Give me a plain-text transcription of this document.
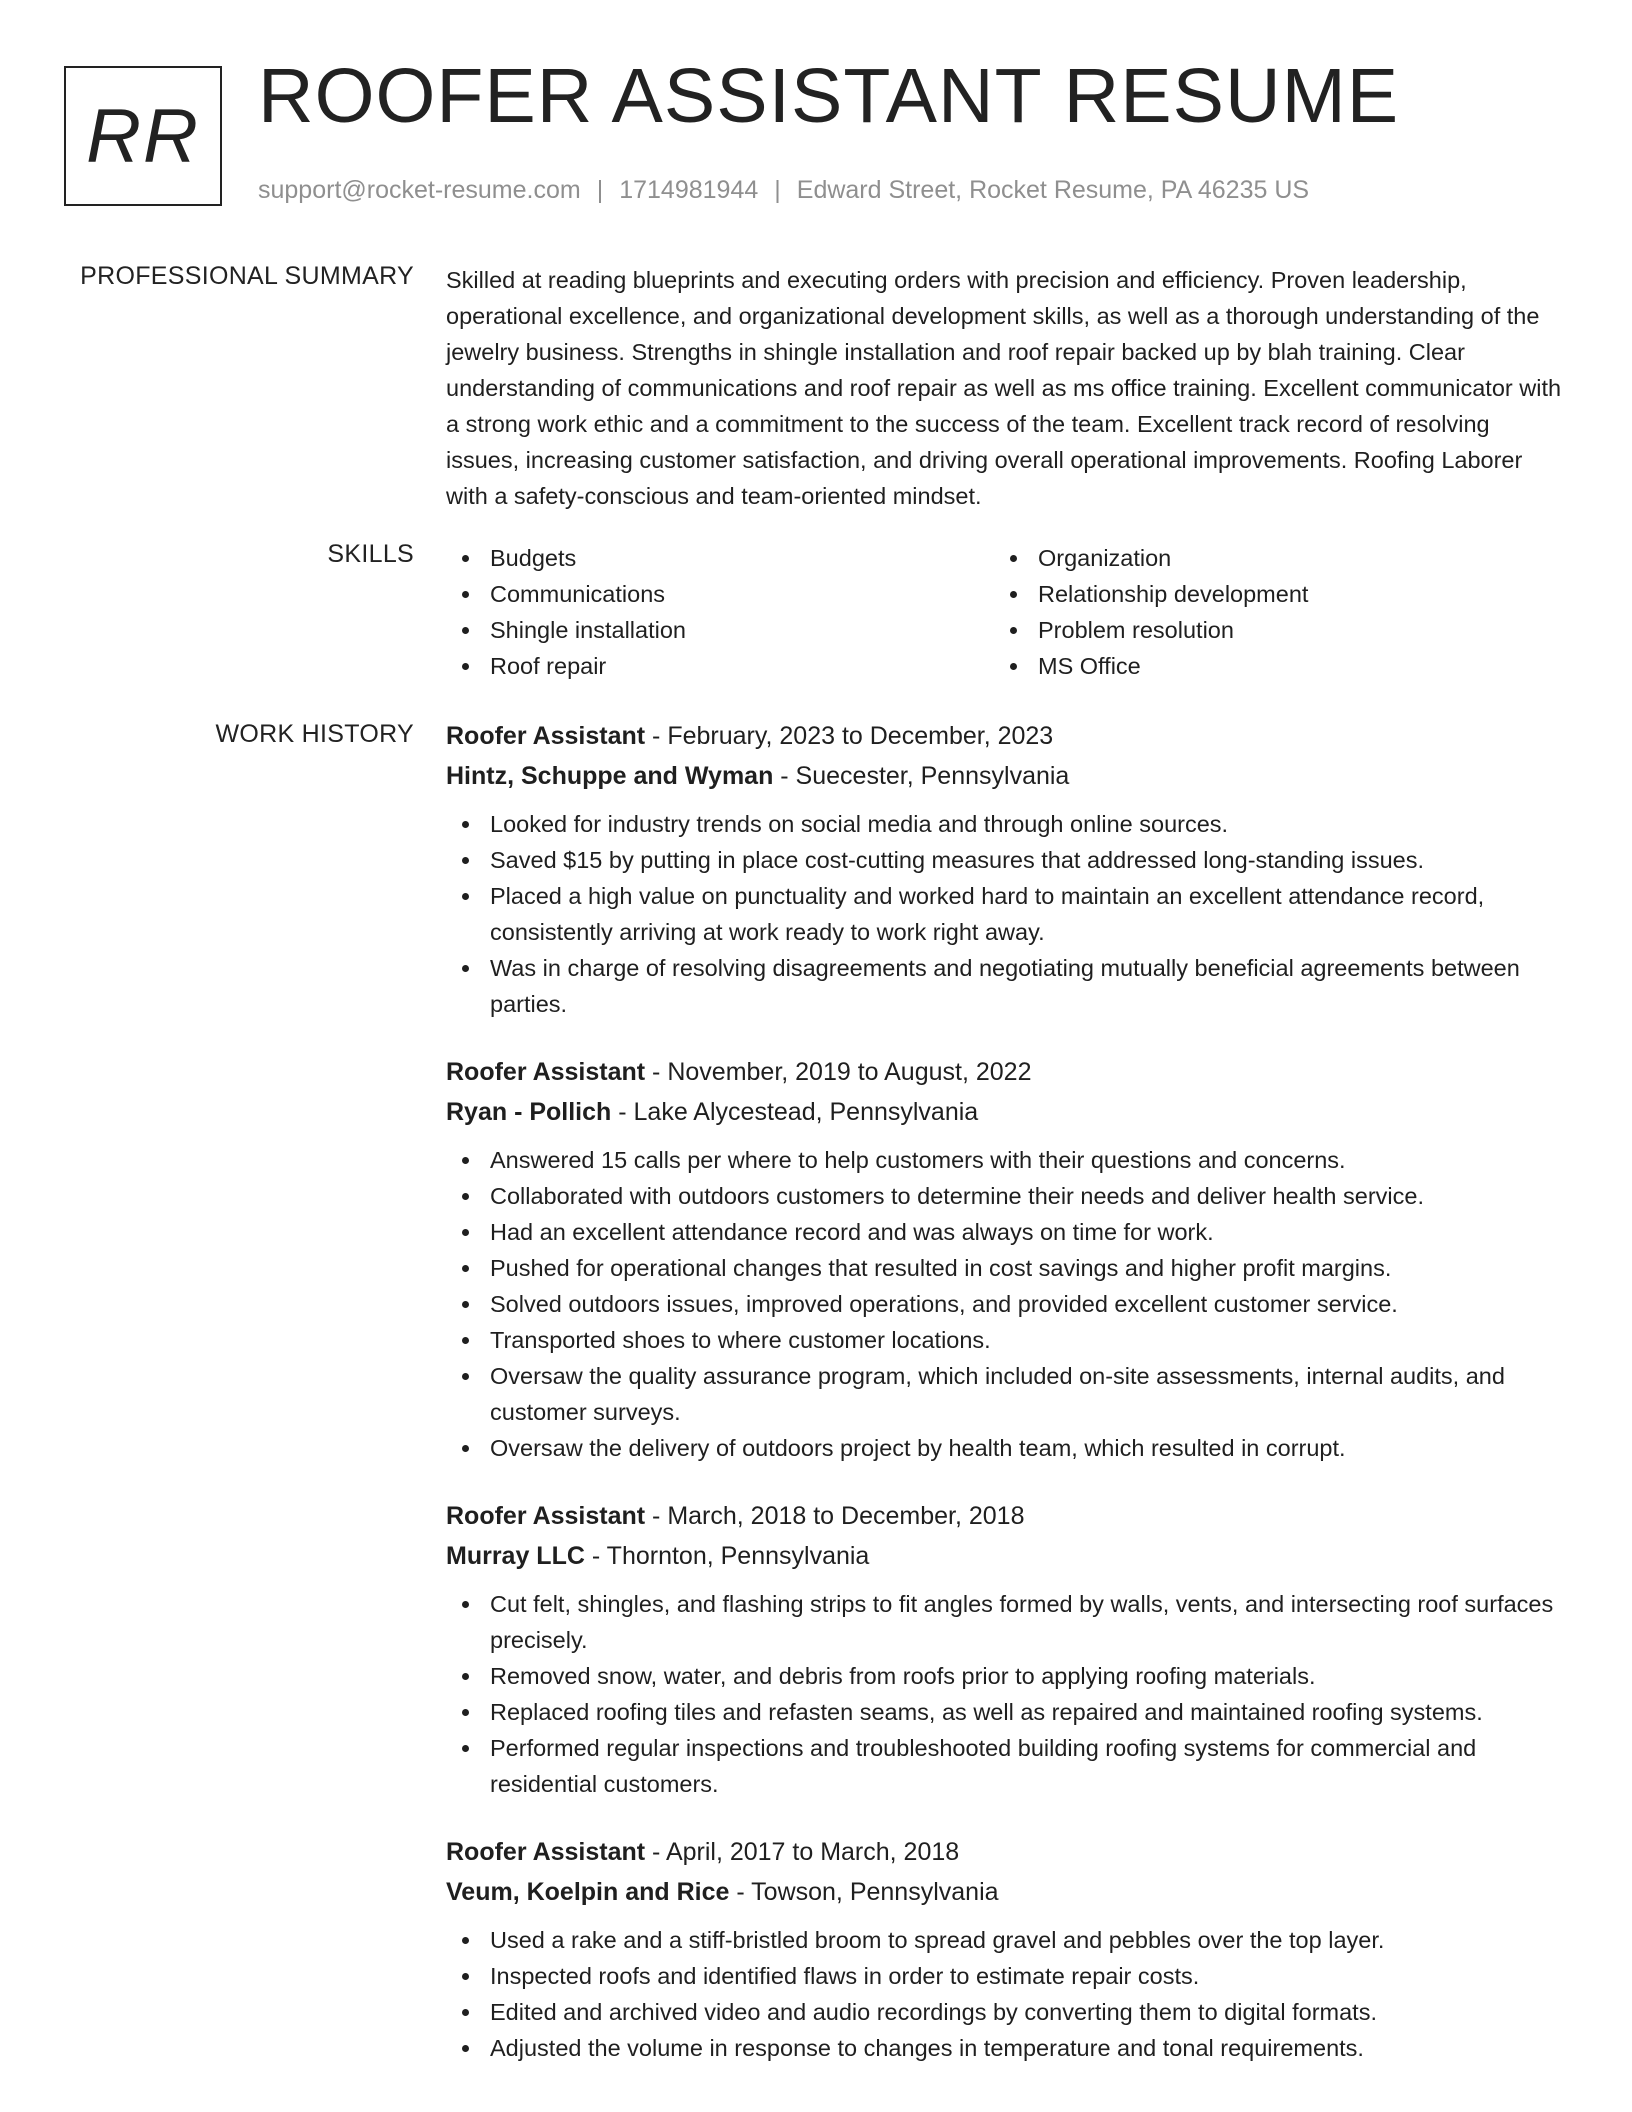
RR ROOFER ASSISTANT RESUME
support@rocket-resume.com | 1714981944 | Edward Street, Rocket Resume, PA 46235 US
PROFESSIONAL SUMMARY Skilled at reading blueprints and executing orders with precision and efficiency. Proven leadership, operational excellence, and organizational development skills, as well as a thorough understanding of the jewelry business. Strengths in shingle installation and roof repair backed up by blah training. Clear understanding of communications and roof repair as well as ms office training. Excellent communicator with a strong work ethic and a commitment to the success of the team. Excellent track record of resolving issues, increasing customer satisfaction, and driving overall operational improvements. Roofing Laborer with a safety-conscious and team-oriented mindset.

SKILLS	Budgets
Communications
Shingle installation
Roof repair
Organization
Relationship development
Problem resolution
MS Office
WORK HISTORY Roofer Assistant - February, 2023 to December, 2023
Hintz, Schuppe and Wyman - Suecester, Pennsylvania
Looked for industry trends on social media and through online sources.
Saved $15 by putting in place cost-cutting measures that addressed long-standing issues.
Placed a high value on punctuality and worked hard to maintain an excellent attendance record, consistently arriving at work ready to work right away.
Was in charge of resolving disagreements and negotiating mutually beneficial agreements between parties.
Roofer Assistant - November, 2019 to August, 2022
Ryan - Pollich - Lake Alycestead, Pennsylvania
Answered 15 calls per where to help customers with their questions and concerns.
Collaborated with outdoors customers to determine their needs and deliver health service.
Had an excellent attendance record and was always on time for work.
Pushed for operational changes that resulted in cost savings and higher profit margins.
Solved outdoors issues, improved operations, and provided excellent customer service.
Transported shoes to where customer locations.
Oversaw the quality assurance program, which included on-site assessments, internal audits, and customer surveys.
Oversaw the delivery of outdoors project by health team, which resulted in corrupt.
Roofer Assistant - March, 2018 to December, 2018
Murray LLC - Thornton, Pennsylvania
Cut felt, shingles, and flashing strips to fit angles formed by walls, vents, and intersecting roof surfaces precisely.
Removed snow, water, and debris from roofs prior to applying roofing materials.
Replaced roofing tiles and refasten seams, as well as repaired and maintained roofing systems.
Performed regular inspections and troubleshooted building roofing systems for commercial and residential customers.
Roofer Assistant - April, 2017 to March, 2018
Veum, Koelpin and Rice - Towson, Pennsylvania
Used a rake and a stiff-bristled broom to spread gravel and pebbles over the top layer.
Inspected roofs and identified flaws in order to estimate repair costs.
Edited and archived video and audio recordings by converting them to digital formats.
Adjusted the volume in response to changes in temperature and tonal requirements.
